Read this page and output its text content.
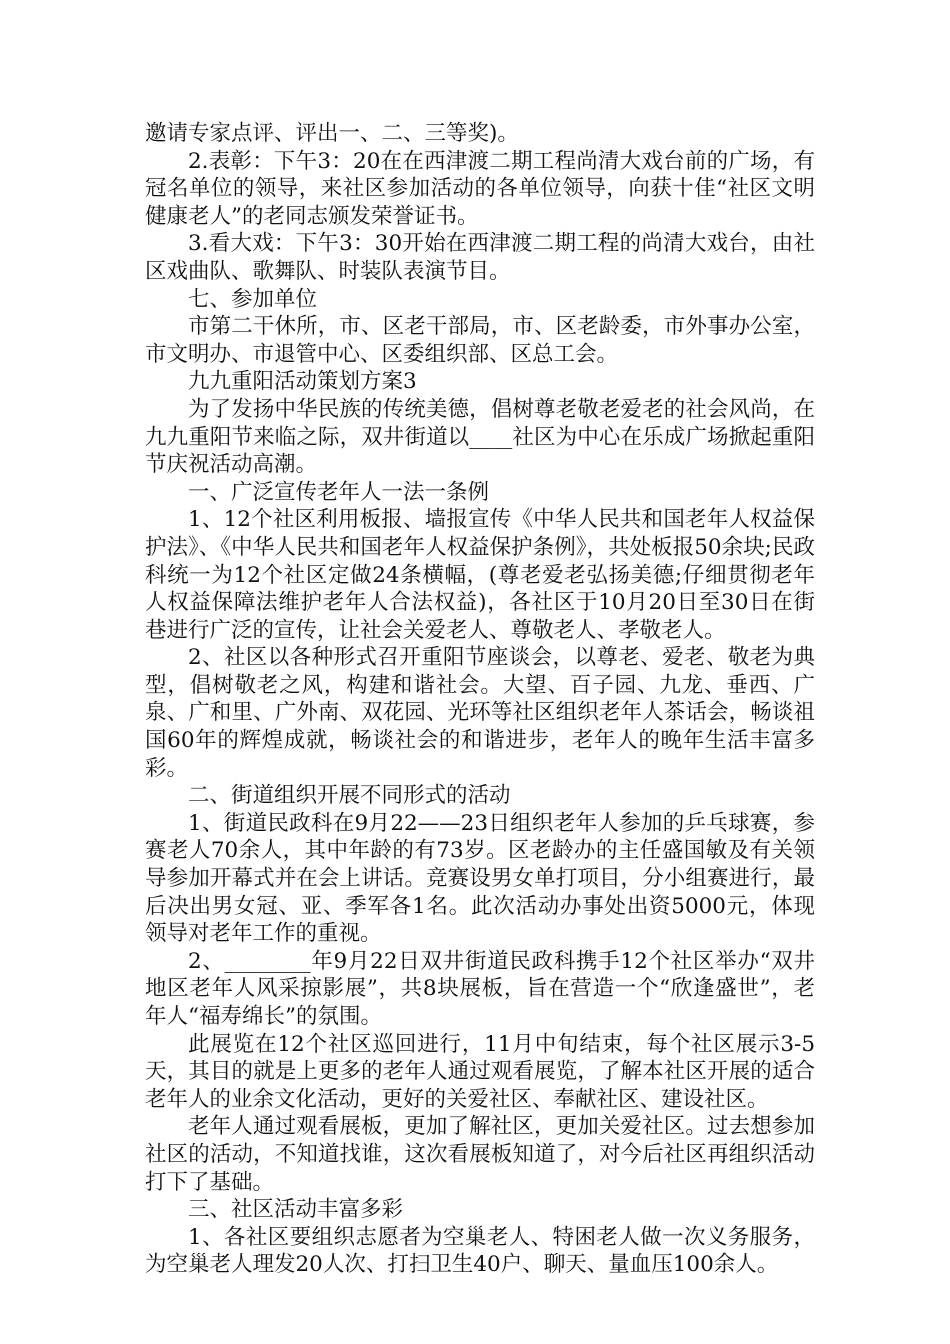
邀请专家点评、评出一、二、三等奖)。

2.表彰：下午3：20在在西津渡二期工程尚清大戏台前的广场，有冠名单位的领导，来社区参加活动的各单位领导，向获十佳“社区文明健康老人”的老同志颁发荣誉证书。

3.看大戏：下午3：30开始在西津渡二期工程的尚清大戏台，由社区戏曲队、歌舞队、时装队表演节目。

七、参加单位

市第二干休所，市、区老干部局，市、区老龄委，市外事办公室，市文明办、市退管中心、区委组织部、区总工会。

九九重阳活动策划方案3

为了发扬中华民族的传统美德，倡树尊老敬老爱老的社会风尚，在九九重阳节来临之际，双井街道以____社区为中心在乐成广场掀起重阳节庆祝活动高潮。

一、广泛宣传老年人一法一条例

1、12个社区利用板报、墙报宣传《中华人民共和国老年人权益保护法》、《中华人民共和国老年人权益保护条例》，共处板报50余块;民政科统一为12个社区定做24条横幅，(尊老爱老弘扬美德;仔细贯彻老年人权益保障法维护老年人合法权益)，各社区于10月20日至30日在街巷进行广泛的宣传，让社会关爱老人、尊敬老人、孝敬老人。

2、社区以各种形式召开重阳节座谈会，以尊老、爱老、敬老为典型，倡树敬老之风，构建和谐社会。大望、百子园、九龙、垂西、广泉、广和里、广外南、双花园、光环等社区组织老年人茶话会，畅谈祖国60年的辉煌成就，畅谈社会的和谐进步，老年人的晚年生活丰富多彩。

二、街道组织开展不同形式的活动

1、街道民政科在9月22——23日组织老年人参加的乒乓球赛，参赛老人70余人，其中年龄的有73岁。区老龄办的主任盛国敏及有关领导参加开幕式并在会上讲话。竞赛设男女单打项目，分小组赛进行，最后决出男女冠、亚、季军各1名。此次活动办事处出资5000元，体现领导对老年工作的重视。

2、________年9月22日双井街道民政科携手12个社区举办“双井地区老年人风采掠影展”，共8块展板，旨在营造一个“欣逢盛世”，老年人“福寿绵长”的氛围。

此展览在12个社区巡回进行，11月中旬结束，每个社区展示3-5天，其目的就是上更多的老年人通过观看展览，了解本社区开展的适合老年人的业余文化活动，更好的关爱社区、奉献社区、建设社区。

老年人通过观看展板，更加了解社区，更加关爱社区。过去想参加社区的活动，不知道找谁，这次看展板知道了，对今后社区再组织活动打下了基础。

三、社区活动丰富多彩

1、各社区要组织志愿者为空巢老人、特困老人做一次义务服务，为空巢老人理发20人次、打扫卫生40户、聊天、量血压100余人。
